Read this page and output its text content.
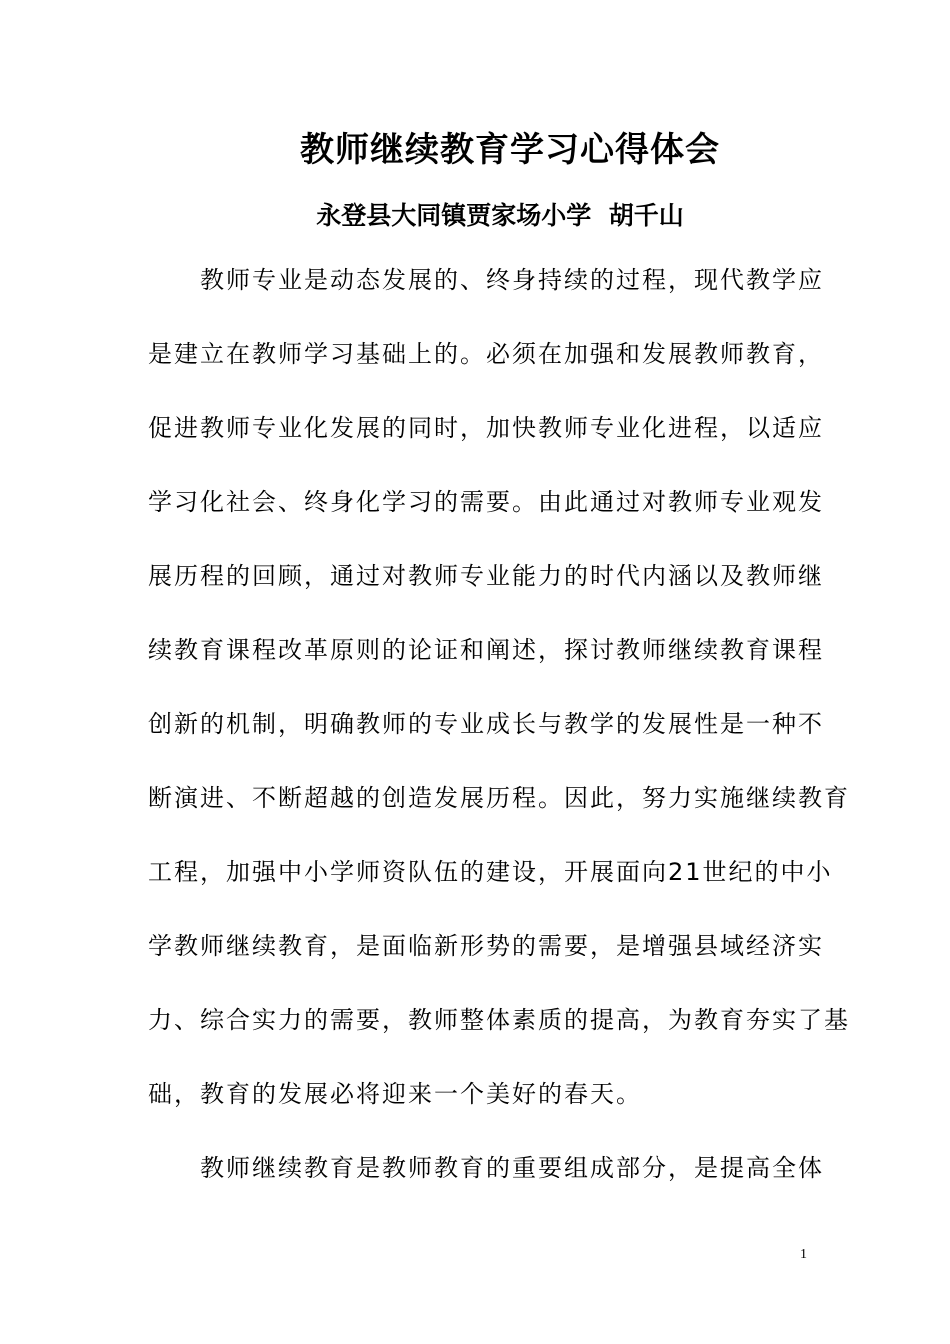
教师继续教育学习心得体会
永登县大同镇贾家场小学  胡千山
　　教师专业是动态发展的、终身持续的过程，现代教学应
是建立在教师学习基础上的。必须在加强和发展教师教育，
促进教师专业化发展的同时，加快教师专业化进程，以适应
学习化社会、终身化学习的需要。由此通过对教师专业观发
展历程的回顾，通过对教师专业能力的时代内涵以及教师继
续教育课程改革原则的论证和阐述，探讨教师继续教育课程
创新的机制，明确教师的专业成长与教学的发展性是一种不
断演进、不断超越的创造发展历程。因此，努力实施继续教育
工程，加强中小学师资队伍的建设，开展面向21世纪的中小
学教师继续教育，是面临新形势的需要，是增强县域经济实
力、综合实力的需要，教师整体素质的提高，为教育夯实了基
础，教育的发展必将迎来一个美好的春天。
　　教师继续教育是教师教育的重要组成部分，是提高全体
1
